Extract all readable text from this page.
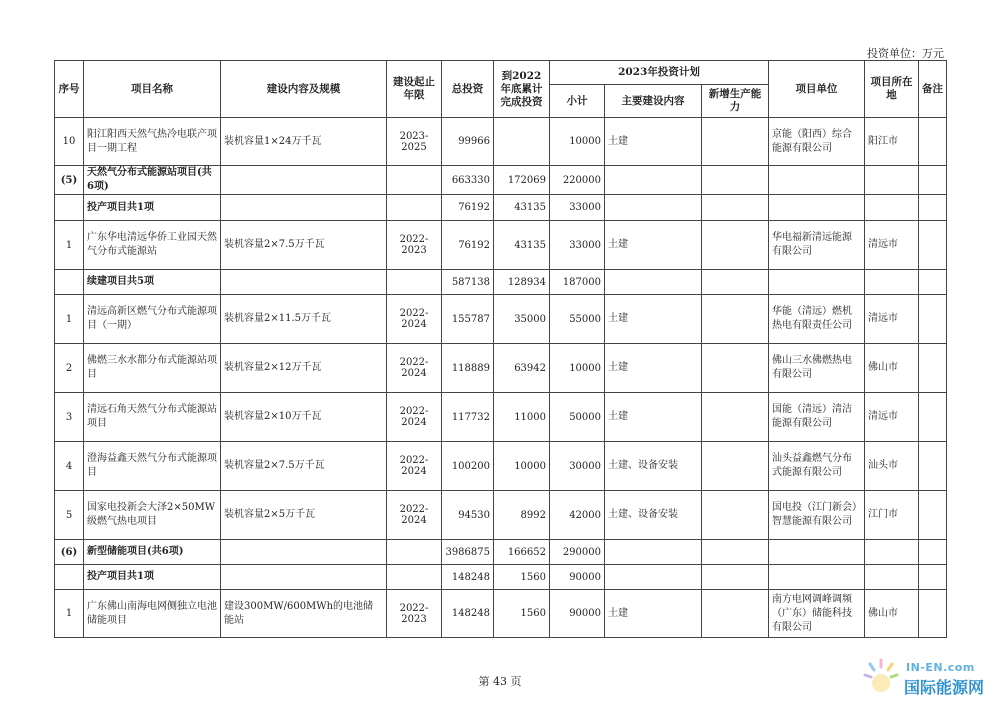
投资单位：万元
序号	项目名称	建设内容及规模	建设起止年限	总投资	到2022年底累计完成投资	2023年投资计划			项目单位	项目所在地	备注
						小计	主要建设内容	新增生产能力			
10	阳江阳西天然气热冷电联产项目一期工程	装机容量1×24万千瓦	2023-2025	99966		10000	土建		京能（阳西）综合能源有限公司	阳江市	
(5)	天然气分布式能源站项目(共6项)			663330	172069	220000					
	投产项目共1项			76192	43135	33000					
1	广东华电清远华侨工业园天然气分布式能源站	装机容量2×7.5万千瓦	2022-2023	76192	43135	33000	土建		华电福新清远能源有限公司	清远市	
	续建项目共5项			587138	128934	187000					
1	清远高新区燃气分布式能源项目（一期）	装机容量2×11.5万千瓦	2022-2024	155787	35000	55000	土建		华能（清远）燃机热电有限责任公司	清远市	
2	佛燃三水水都分布式能源站项目	装机容量2×12万千瓦	2022-2024	118889	63942	10000	土建		佛山三水佛燃热电有限公司	佛山市	
3	清远石角天然气分布式能源站项目	装机容量2×10万千瓦	2022-2024	117732	11000	50000	土建		国能（清远）清洁能源有限公司	清远市	
4	澄海益鑫天然气分布式能源项目	装机容量2×7.5万千瓦	2022-2024	100200	10000	30000	土建、设备安装		汕头益鑫燃气分布式能源有限公司	汕头市	
5	国家电投新会大泽2×50MW级燃气热电项目	装机容量2×5万千瓦	2022-2024	94530	8992	42000	土建、设备安装		国电投（江门新会）智慧能源有限公司	江门市	
(6)	新型储能项目(共6项)			3986875	166652	290000					
	投产项目共1项			148248	1560	90000					
1	广东佛山南海电网侧独立电池储能项目	建设300MW/600MWh的电池储能站	2022-2023	148248	1560	90000	土建		南方电网调峰调频（广东）储能科技有限公司	佛山市	
第 43 页
IN-EN.com
国际能源网
